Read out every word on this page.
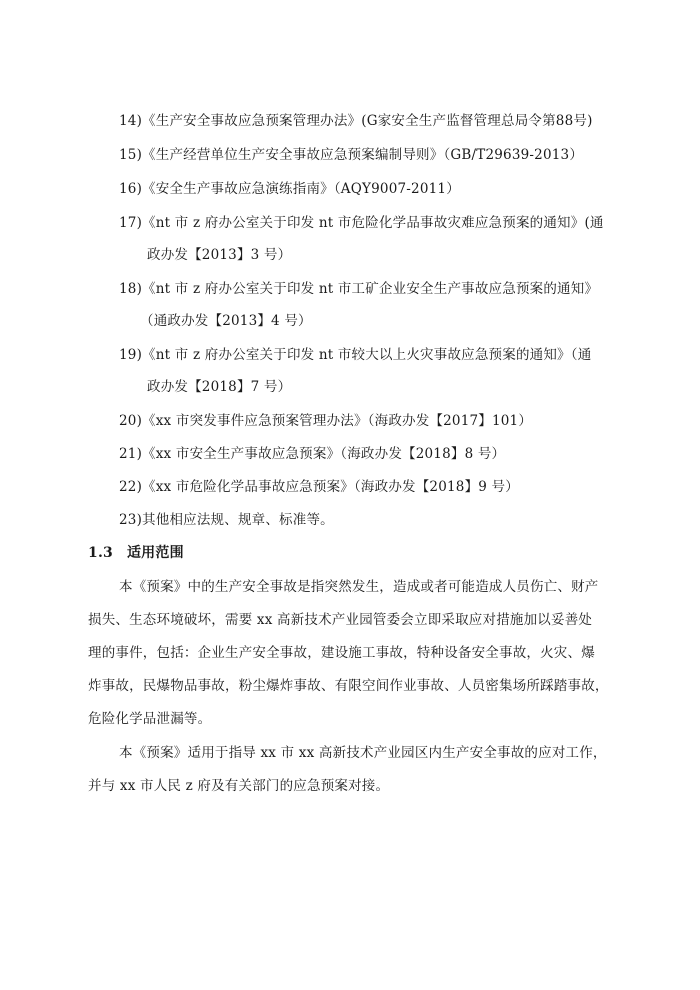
14)《生产安全事故应急预案管理办法》(G家安全生产监督管理总局令第88号)
15)《生产经营单位生产安全事故应急预案编制导则》（GB/T29639-2013）
16)《安全生产事故应急演练指南》（AQY9007-2011）
17)《nt 市 z 府办公室关于印发 nt 市危险化学品事故灾难应急预案的通知》(通
政办发【2013】3 号）
18)《nt 市 z 府办公室关于印发 nt 市工矿企业安全生产事故应急预案的通知》
（通政办发【2013】4 号）
19)《nt 市 z 府办公室关于印发 nt 市较大以上火灾事故应急预案的通知》（通
政办发【2018】7 号）
20)《xx 市突发事件应急预案管理办法》（海政办发【2017】101）
21)《xx 市安全生产事故应急预案》（海政办发【2018】8 号）
22)《xx 市危险化学品事故应急预案》（海政办发【2018】9 号）
23)其他相应法规、规章、标准等。
1.3 适用范围
本《预案》中的生产安全事故是指突然发生，造成或者可能造成人员伤亡、财产
损失、生态环境破坏，需要 xx 高新技术产业园管委会立即采取应对措施加以妥善处
理的事件，包括：企业生产安全事故，建设施工事故，特种设备安全事故，火灾、爆
炸事故，民爆物品事故，粉尘爆炸事故、有限空间作业事故、人员密集场所踩踏事故，
危险化学品泄漏等。
本《预案》适用于指导 xx 市 xx 高新技术产业园区内生产安全事故的应对工作，
并与 xx 市人民 z 府及有关部门的应急预案对接。
